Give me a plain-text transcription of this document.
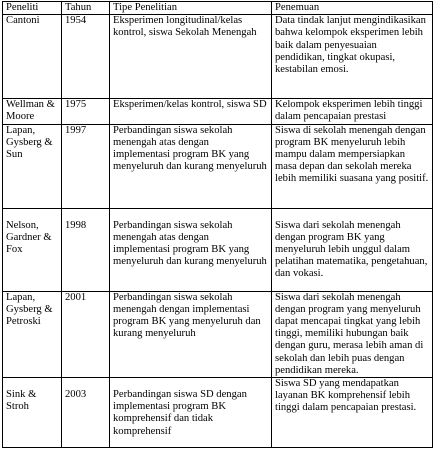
Peneliti	Tahun	Tipe Penelitian	Penemuan
Cantoni	1954	Eksperimen longitudinal/kelas kontrol, siswa Sekolah Menengah	Data tindak lanjut mengindikasikan bahwa kelompok eksperimen lebih baik dalam penyesuaian pendidikan, tingkat okupasi, kestabilan emosi.
Wellman & Moore	1975	Eksperimen/kelas kontrol, siswa SD	Kelompok eksperimen lebih tinggi dalam pencapaian prestasi
Lapan, Gysberg & Sun	1997	Perbandingan siswa sekolah menengah atas dengan implementasi program BK yang menyeluruh dan kurang menyeluruh	Siswa di sekolah menengah dengan program BK menyeluruh lebih mampu dalam mempersiapkan masa depan dan sekolah mereka lebih memiliki suasana yang positif.
Nelson, Gardner & Fox	1998	Perbandingan siswa sekolah menengah atas dengan implementasi program BK yang menyeluruh dan kurang menyeluruh	Siswa dari sekolah menengah dengan program BK yang menyeluruh lebih unggul dalam pelatihan matematika, pengetahuan, dan vokasi.
Lapan, Gysberg & Petroski	2001	Perbandingan siswa sekolah menengah dengan implementasi program BK yang menyeluruh dan kurang menyeluruh	Siswa dari sekolah menengah dengan program yang menyeluruh dapat mencapai tingkat yang lebih tinggi, memiliki hubungan baik dengan guru, merasa lebih aman di sekolah dan lebih puas dengan pendidikan mereka.
Sink & Stroh	2003	Perbandingan siswa SD dengan implementasi program BK komprehensif dan tidak komprehensif	Siswa SD yang mendapatkan layanan BK komprehensif lebih tinggi dalam pencapaian prestasi.
